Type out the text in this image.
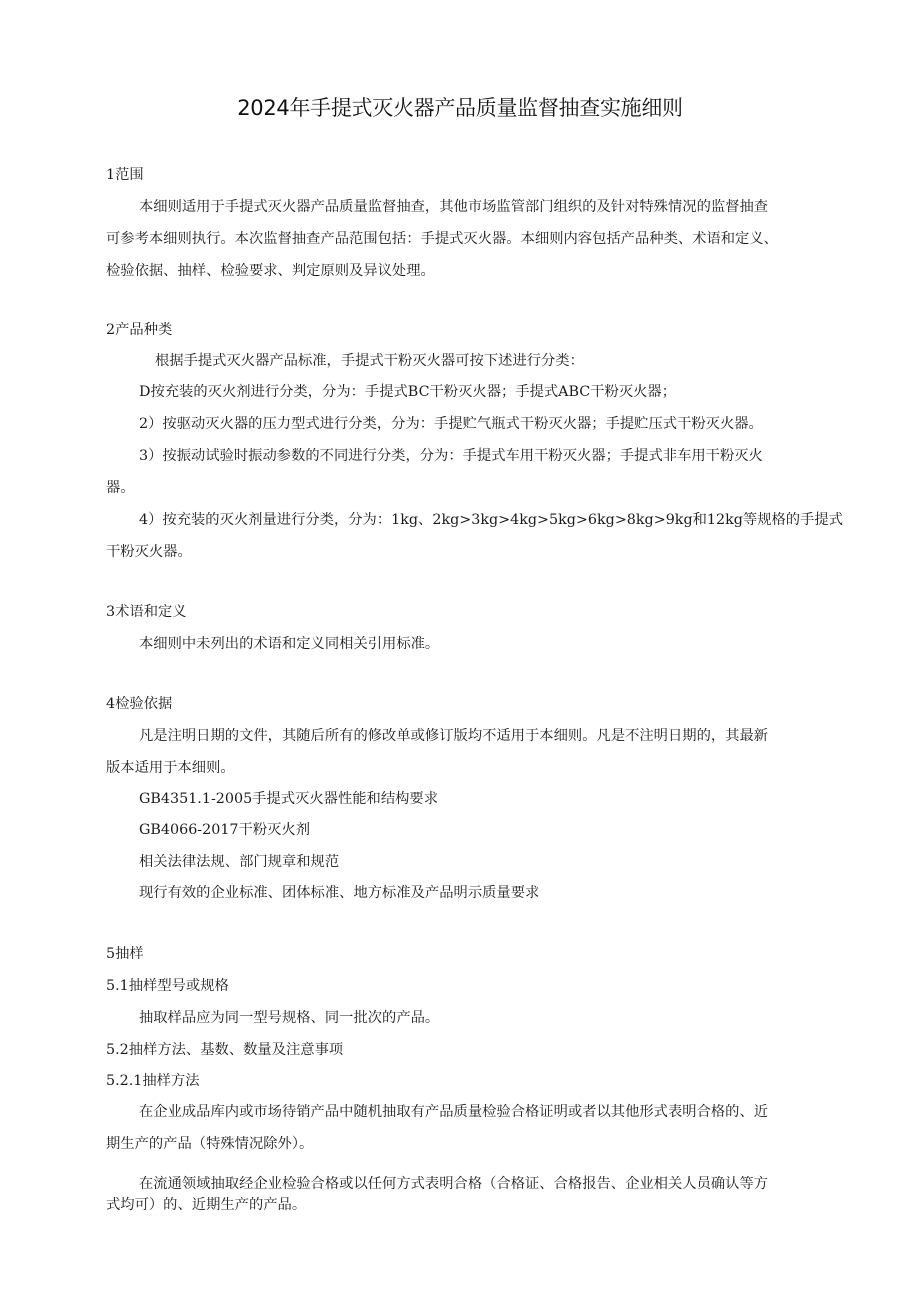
2024年手提式灭火器产品质量监督抽查实施细则
1范围
本细则适用于手提式灭火器产品质量监督抽查，其他市场监管部门组织的及针对特殊情况的监督抽查
可参考本细则执行。本次监督抽查产品范围包括：手提式灭火器。本细则内容包括产品种类、术语和定义、
检验依据、抽样、检验要求、判定原则及异议处理。
2产品种类
根据手提式灭火器产品标准，手提式干粉灭火器可按下述进行分类：
D按充装的灭火剂进行分类，分为：手提式BC干粉灭火器；手提式ABC干粉灭火器；
2）按驱动灭火器的压力型式进行分类，分为：手提贮气瓶式干粉灭火器；手提贮压式干粉灭火器。
3）按振动试验时振动参数的不同进行分类，分为：手提式车用干粉灭火器；手提式非车用干粉灭火
器。
4）按充装的灭火剂量进行分类，分为：1kg、2kg>3kg>4kg>5kg>6kg>8kg>9kg和12kg等规格的手提式
干粉灭火器。
3术语和定义
本细则中未列出的术语和定义同相关引用标准。
4检验依据
凡是注明日期的文件，其随后所有的修改单或修订版均不适用于本细则。凡是不注明日期的，其最新
版本适用于本细则。
GB4351.1-2005手提式灭火器性能和结构要求
GB4066-2017干粉灭火剂
相关法律法规、部门规章和规范
现行有效的企业标准、团体标准、地方标准及产品明示质量要求
5抽样
5.1抽样型号或规格
抽取样品应为同一型号规格、同一批次的产品。
5.2抽样方法、基数、数量及注意事项
5.2.1抽样方法
在企业成品库内或市场待销产品中随机抽取有产品质量检验合格证明或者以其他形式表明合格的、近
期生产的产品（特殊情况除外）。
在流通领域抽取经企业检验合格或以任何方式表明合格（合格证、合格报告、企业相关人员确认等方
式均可）的、近期生产的产品。
